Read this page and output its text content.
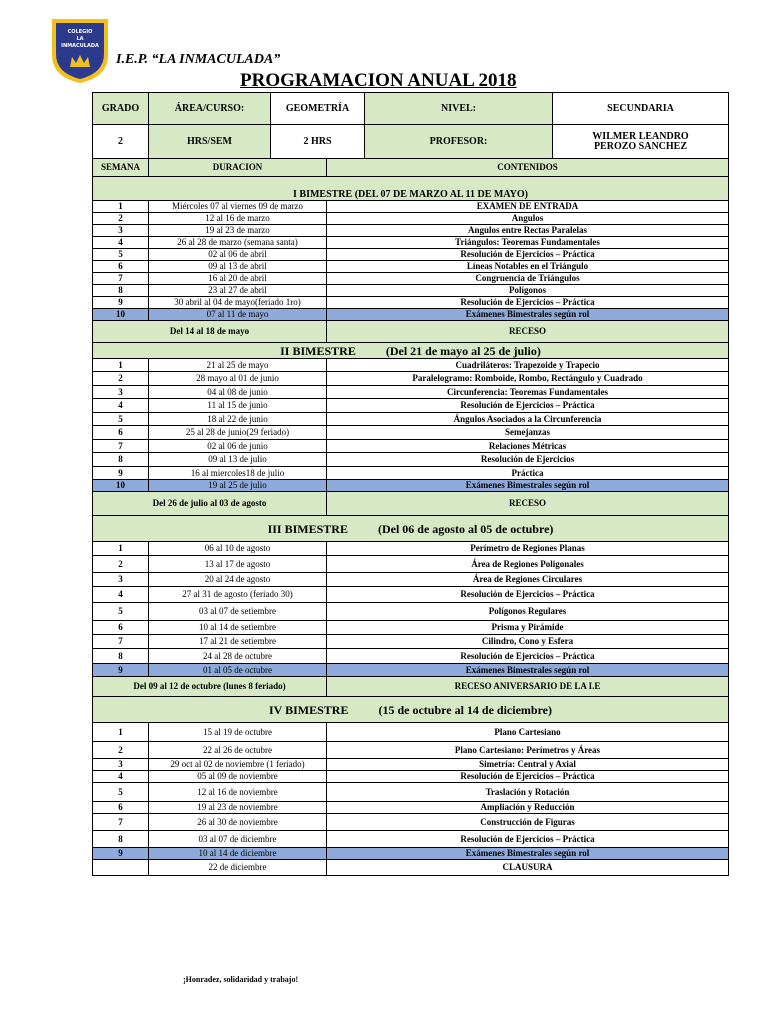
COLEGIO
LA
INMACULADA
I.E.P. “LA INMACULADA”
PROGRAMACION ANUAL 2018
GRADO	ÁREA/CURSO:	GEOMETRÍA	NIVEL:	SECUNDARIA
2	HRS/SEM	2 HRS	PROFESOR:	WILMER LEANDRO
PEROZO SANCHEZ
SEMANA	DURACION	CONTENIDOS
I BIMESTRE (DEL 07 DE MARZO AL 11 DE MAYO)		
1	Miércoles 07 al viernes 09 de marzo	EXAMEN DE ENTRADA
2	12 al 16 de marzo	Angulos
3	19 al 23 de marzo	Angulos entre Rectas Paralelas
4	26 al 28 de marzo (semana santa)	Triángulos: Teoremas Fundamentales
5	02 al 06 de abril	Resolución de Ejercicios – Práctica
6	09 al 13 de abril	Líneas Notables en el Triángulo
7	16 al 20 de abril	Congruencia de Triángulos
8	23 al 27 de abril	Polígonos
9	30 abril al 04 de mayo(feriado 1ro)	Resolución de Ejercicios – Práctica
10	07 al 11 de mayo	Exámenes Bimestrales según rol
Del 14 al 18 de mayo		RECESO
II BIMESTRE (Del 21 de mayo al 25 de julio)		
1	21 al 25 de mayo	Cuadriláteros: Trapezoide y Trapecio
2	28 mayo al 01 de junio	Paralelogramo: Romboide, Rombo, Rectángulo y Cuadrado
3	04 al 08 de junio	Circunferencia: Teoremas Fundamentales
4	11 al 15 de junio	Resolución de Ejercicios – Práctica
5	18 al 22 de junio	Ángulos Asociados a la Circunferencia
6	25 al 28 de junio(29 feriado)	Semejanzas
7	02 al 06 de junio	Relaciones Métricas
8	09 al 13 de julio	Resolución de Ejercicios
9	16 al miercoles18 de julio	Práctica
10	19 al 25 de julio	Exámenes Bimestrales según rol
Del 26 de julio al 03 de agosto		RECESO
III BIMESTRE (Del 06 de agosto al 05 de octubre)		
1	06 al 10 de agosto	Perímetro de Regiones Planas
2	13 al 17 de agosto	Área de Regiones Poligonales
3	20 al 24 de agosto	Área de Regiones Circulares
4	27 al 31 de agosto (feriado 30)	Resolución de Ejercicios – Práctica
5	03 al 07 de setiembre	Polígonos Regulares
6	10 al 14 de setiembre	Prisma y Pirámide
7	17 al 21 de setiembre	Cilindro, Cono y Esfera
8	24 al 28 de octubre	Resolución de Ejercicios – Práctica
9	01 al 05 de octubre	Exámenes Bimestrales según rol
Del 09 al 12 de octubre (lunes 8 feriado)		RECESO ANIVERSARIO DE LA I.E
IV BIMESTRE (15 de octubre al 14 de diciembre)		
1	15 al 19 de octubre	Plano Cartesiano
2	22 al 26 de octubre	Plano Cartesiano: Perímetros y Áreas
3	29 oct al 02 de noviembre (1 feriado)	Simetría: Central y Axial
4	05 al 09 de noviembre	Resolución de Ejercicios – Práctica
5	12 al 16 de noviembre	Traslación y Rotación
6	19 al 23 de noviembre	Ampliación y Reducción
7	26 al 30 de noviembre	Construcción de Figuras
8	03 al 07 de diciembre	Resolución de Ejercicios – Práctica
9	10 al 14 de diciembre	Exámenes Bimestrales según rol
	22 de diciembre	CLAUSURA
¡Honradez, solidaridad y trabajo!
